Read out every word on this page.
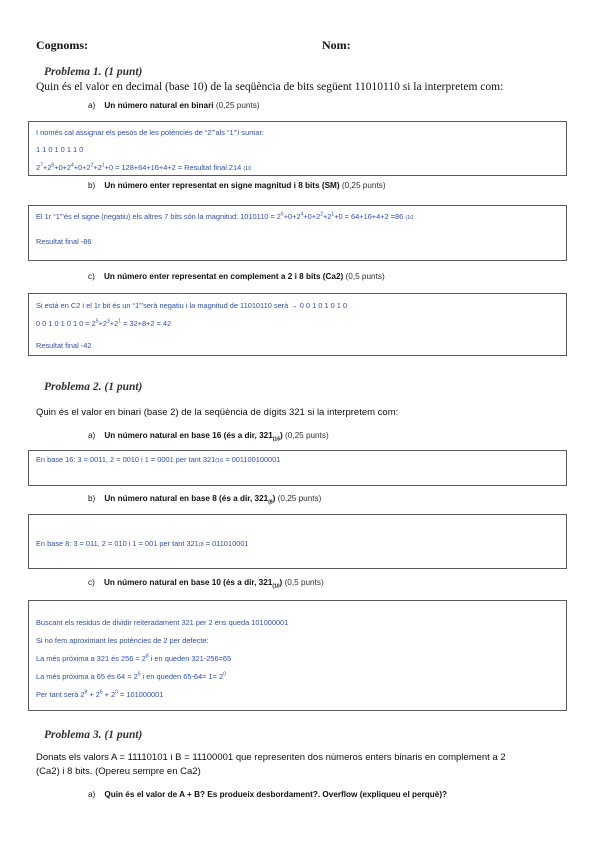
Cognoms:	Nom:
Problema 1. (1 punt)
Quin és el valor en decimal (base 10) de la seqüència de bits següent 11010110 si la interpretem com:
a) Un número natural en binari (0,25 punts)
I només cal assignar els pesos de les potències de “2”’als “1”’i sumar:
1 1 0 1 0 1 1 0
$2^7+2^6+0+2^4+0+2^2+2^1+0 = 128+64+16+4+2$ = Resultat final 214 (10
b) Un número enter representat en signe magnitud i 8 bits (SM) (0,25 punts)
El 1r “1”’és el signe (negatiu) els altres 7 bits són la magnitud: $1010110 = 2^6+0+2^4+0+2^2+2^1+0 = 64+16+4+2 =86$ (10
Resultat final -86
c) Un número enter representat en complement a 2 i 8 bits (Ca2) (0,5 punts)
Si està en C2 i el 1r bit és un “1”’serà negatiu i la magnitud de 11010110 serà → 0 0 1 0 1 0 1 0
0 0 1 0 1 0 1 $0 = 2^5+2^3+2^1 = 32+8+2 = 42$
Resultat final -42
Problema 2. (1 punt)
Quin és el valor en binari (base 2) de la seqüència de dígits 321 si la interpretem com:
a) Un número natural en base 16 (és a dir, $321_{(16}$) (0,25 punts)
En base 16: 3 = 0011, 2 = 0010 i 1 = 0001 per tant 321(16 = 001100100001
b) Un número natural en base 8 (és a dir, $321_{(8}$) (0,25 punts)
En base 8: 3 = 011, 2 = 010 i 1 = 001 per tant 321(8 = 011010001
c) Un número natural en base 10 (és a dir, $321_{(10}$) (0,5 punts)
Buscant els residus de dividir reiteradament 321 per 2 ens queda 101000001
Si no fem aproximant les potències de 2 per defecte:
La més pròxima a 321 és $256 = 2^8$ i en queden 321-256=65
La més pròxima a 65 és $64 = 2^6$ i en queden $65-64= 1= 2^0$
Per tant serà $2^8 + 2^6 + 2^0 = 101000001$
Problema 3. (1 punt)
Donats els valors A = 11110101 i B = 11100001 que representen dos números enters binaris en complement a 2
(Ca2) i 8 bits. (Opereu sempre en Ca2)
a) Quin és el valor de A + B? Es produeix desbordament?. Overflow (expliqueu el perquè)?
